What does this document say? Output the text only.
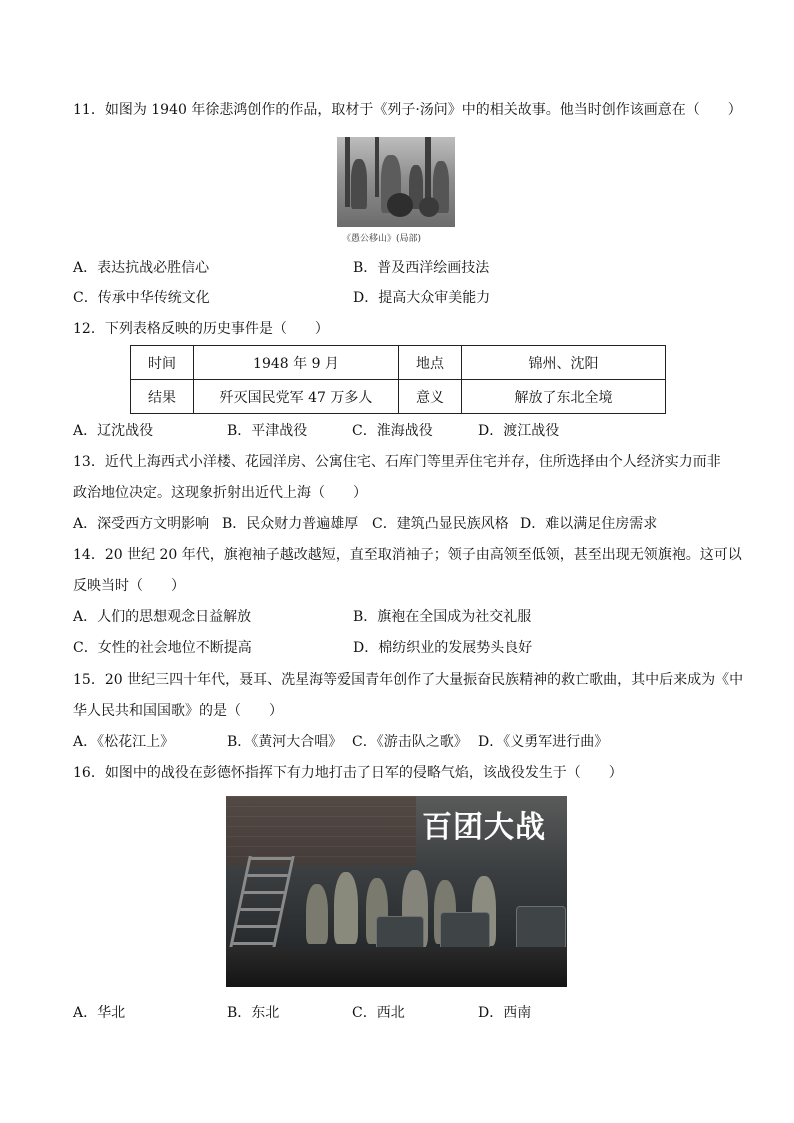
11．如图为 1940 年徐悲鸿创作的作品，取材于《列子·汤问》中的相关故事。他当时创作该画意在（　　）
《愚公移山》(局部)
A．表达抗战必胜信心	B．普及西洋绘画技法
C．传承中华传统文化	D．提高大众审美能力
12．下列表格反映的历史事件是（　　）
时间	1948 年 9 月	地点	锦州、沈阳
结果	歼灭国民党军 47 万多人	意义	解放了东北全境
A．辽沈战役	B．平津战役	C．淮海战役	D．渡江战役
13．近代上海西式小洋楼、花园洋房、公寓住宅、石库门等里弄住宅并存，住所选择由个人经济实力而非
政治地位决定。这现象折射出近代上海（　　）
A．深受西方文明影响 B．民众财力普遍雄厚 C．建筑凸显民族风格 D．难以满足住房需求
14．20 世纪 20 年代，旗袍袖子越改越短，直至取消袖子；领子由高领至低领，甚至出现无领旗袍。这可以
反映当时（　　）
A．人们的思想观念日益解放	B．旗袍在全国成为社交礼服
C．女性的社会地位不断提高	D．棉纺织业的发展势头良好
15．20 世纪三四十年代，聂耳、冼星海等爱国青年创作了大量振奋民族精神的救亡歌曲，其中后来成为《中
华人民共和国国歌》的是（　　）
A．《松花江上》	B．《黄河大合唱》 C．《游击队之歌》 D．《义勇军进行曲》
16．如图中的战役在彭德怀指挥下有力地打击了日军的侵略气焰，该战役发生于（　　）
百团大战
A．华北	B．东北	C．西北	D．西南
